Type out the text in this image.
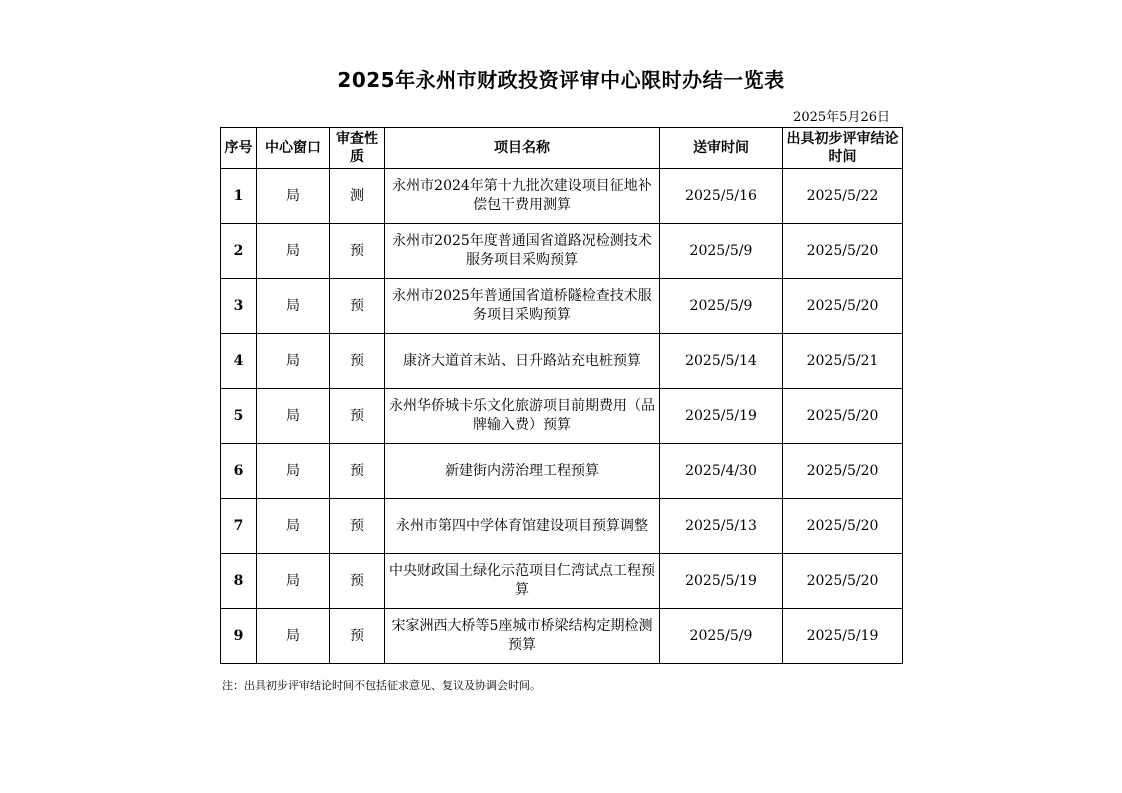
2025年永州市财政投资评审中心限时办结一览表
2025年5月26日
序号	中心窗口	审查性质	项目名称	送审时间	出具初步评审结论时间
1	局	测	永州市2024年第十九批次建设项目征地补偿包干费用测算	2025/5/16	2025/5/22
2	局	预	永州市2025年度普通国省道路况检测技术服务项目采购预算	2025/5/9	2025/5/20
3	局	预	永州市2025年普通国省道桥隧检查技术服务项目采购预算	2025/5/9	2025/5/20
4	局	预	康济大道首末站、日升路站充电桩预算	2025/5/14	2025/5/21
5	局	预	永州华侨城卡乐文化旅游项目前期费用（品牌输入费）预算	2025/5/19	2025/5/20
6	局	预	新建街内涝治理工程预算	2025/4/30	2025/5/20
7	局	预	永州市第四中学体育馆建设项目预算调整	2025/5/13	2025/5/20
8	局	预	中央财政国土绿化示范项目仁湾试点工程预算	2025/5/19	2025/5/20
9	局	预	宋家洲西大桥等5座城市桥梁结构定期检测预算	2025/5/9	2025/5/19
注：出具初步评审结论时间不包括征求意见、复议及协调会时间。
